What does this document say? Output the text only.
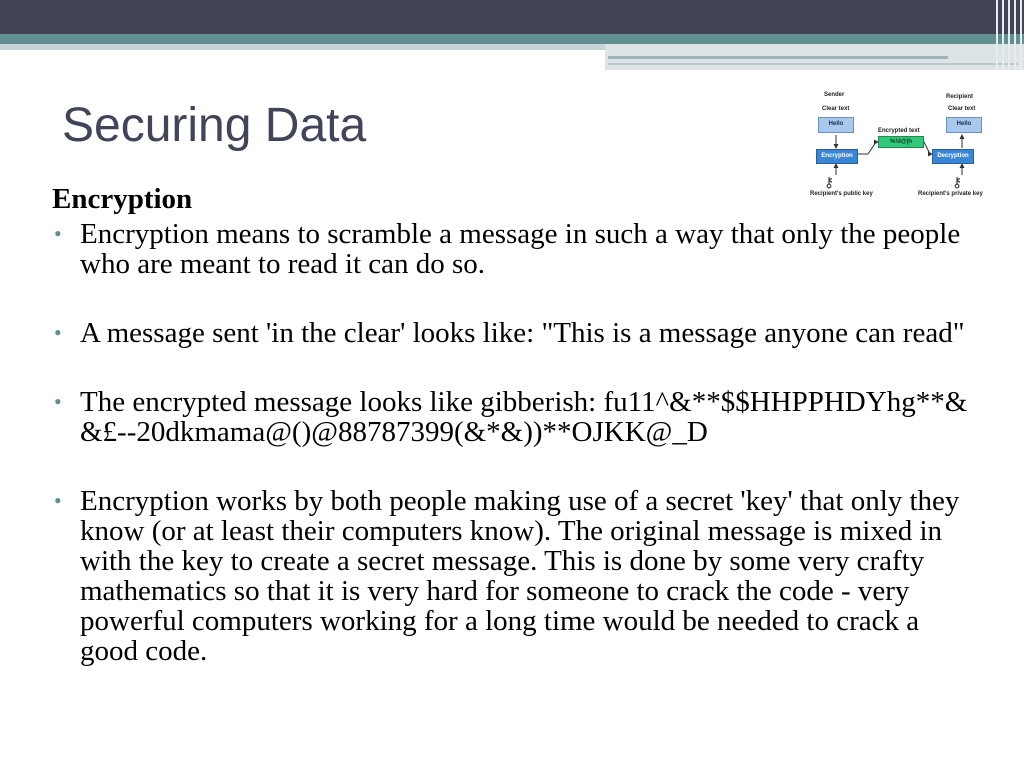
Securing Data
Encryption
• Encryption means to scramble a message in such a way that only the people who are meant to read it can do so.
• A message sent 'in the clear' looks like: "This is a message anyone can read"
• The encrypted message looks like gibberish: fu11^&**$$HHPPHDYhg**&&£--20dkmama@()@88787399(&*&))**OJKK@_D
• Encryption works by both people making use of a secret 'key' that only they know (or at least their computers know). The original message is mixed in with the key to create a secret message. This is done by some very crafty mathematics so that it is very hard for someone to crack the code - very powerful computers working for a long time would be needed to crack a good code.
Sender	Recipient
Clear text	Clear text
Hello	Hello
Encrypted text
%!d@jh
Encryption	Decryption
⚷	⚷
Recipient's public key	Recipient's private key
